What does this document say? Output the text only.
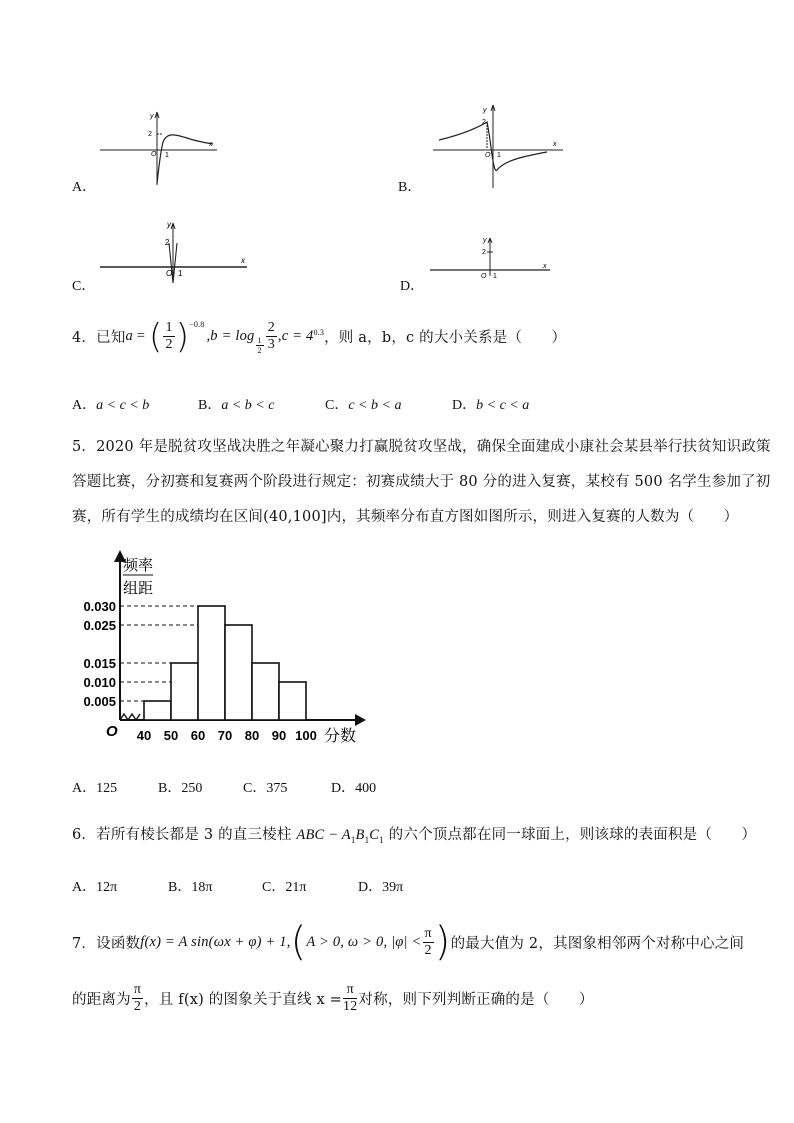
2
O 1
x
y
A．
2
O 1
x
y
B．
2
O 1
x
y
C．
2
O 1
x
y
D．
4．已知 a = ( $\frac{1}{2} )^{-0.8}$
$,b = \log \frac{1}{2} \frac{2}{3} ,c = 4^{0.3}$ ，则 a，b，c 的大小关系是（　　）
A．a < c < b	B．a < b < c	C．c < b < a	D．b < c < a
5．2020 年是脱贫攻坚战决胜之年凝心聚力打赢脱贫攻坚战，确保全面建成小康社会某县举行扶贫知识政策
答题比赛，分初赛和复赛两个阶段进行规定：初赛成绩大于 80 分的进入复赛，某校有 500 名学生参加了初
赛，所有学生的成绩均在区间(40,100]内，其频率分布直方图如图所示，则进入复赛的人数为（　　）
频率
组距
O
0.030
0.025
0.015
0.010
0.005
40 50 60 70 80 90 100 分数
A．125	B．250	C．375	D．400
6．若所有棱长都是 3 的直三棱柱 ABC − $A_1B_1C_1$ 的六个顶点都在同一球面上，则该球的表面积是（　　）
A．12π	B．18π	C．21π	D．39π
7．设函数 f(x) = A sin(ωx + φ) + 1, ( A > 0, ω > 0, $|\varphi| < \frac{\pi}{2}$ ) 的最大值为 2，其图象相邻两个对称中心之间
的距离为 $\frac{\pi}{2}$ ，且 f(x) 的图象关于直线 $x = \frac{\pi}{12}$ 对称，则下列判断正确的是（　　）
